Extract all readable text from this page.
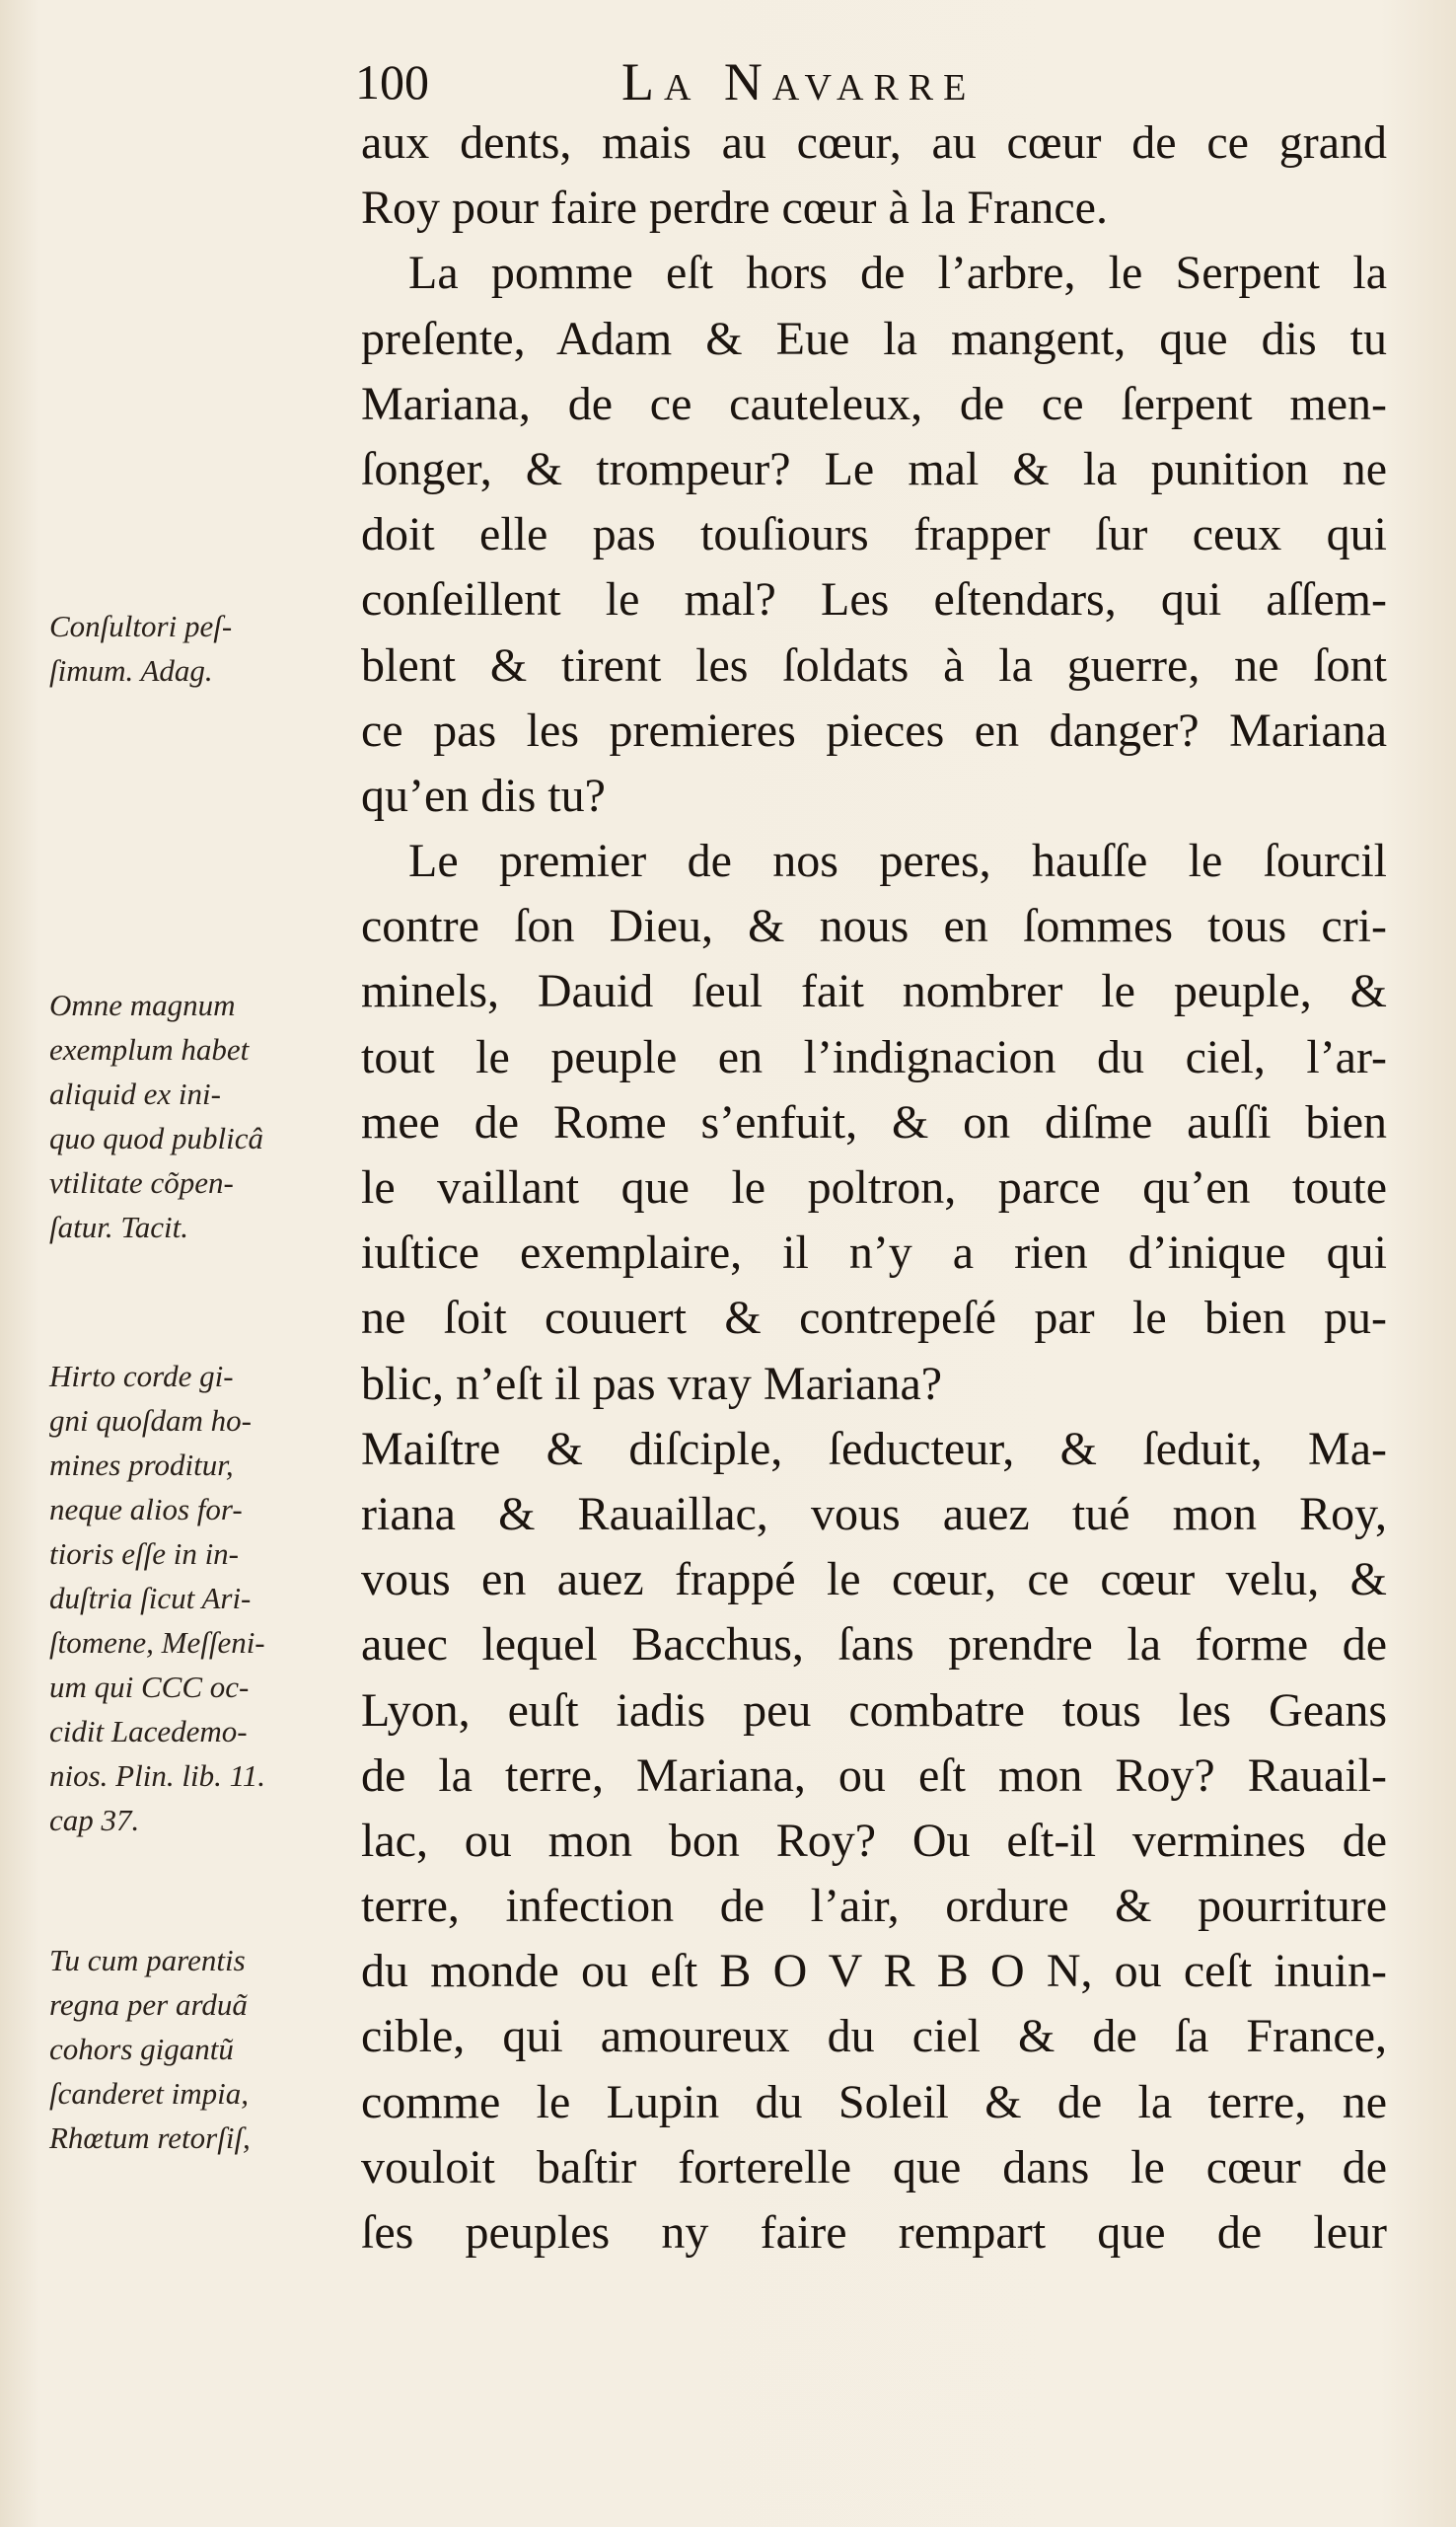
100	La Navarre
aux dents, mais au cœur, au cœur de ce grand
Roy pour faire perdre cœur à la France.
La pomme eſt hors de l’arbre, le Serpent la
preſente, Adam & Eue la mangent, que dis tu
Mariana, de ce cauteleux, de ce ſerpent men-
ſonger, & trompeur? Le mal & la punition ne
doit elle pas touſiours frapper ſur ceux qui
conſeillent le mal? Les eſtendars, qui aſſem-
blent & tirent les ſoldats à la guerre, ne ſont
ce pas les premieres pieces en danger? Mariana
qu’en dis tu?
Le premier de nos peres, hauſſe le ſourcil
contre ſon Dieu, & nous en ſommes tous cri-
minels, Dauid ſeul fait nombrer le peuple, &
tout le peuple en l’indignacion du ciel, l’ar-
mee de Rome s’enfuit, & on diſme auſſi bien
le vaillant que le poltron, parce qu’en toute
iuſtice exemplaire, il n’y a rien d’inique qui
ne ſoit couuert & contrepeſé par le bien pu-
blic, n’eſt il pas vray Mariana?
Maiſtre & diſciple, ſeducteur, & ſeduit, Ma-
riana & Rauaillac, vous auez tué mon Roy,
vous en auez frappé le cœur, ce cœur velu, &
auec lequel Bacchus, ſans prendre la forme de
Lyon, euſt iadis peu combatre tous les Geans
de la terre, Mariana, ou eſt mon Roy? Rauail-
lac, ou mon bon Roy? Ou eſt-il vermines de
terre, infection de l’air, ordure & pourriture
du monde ou eſt B O V R B O N, ou ceſt inuin-
cible, qui amoureux du ciel & de ſa France,
comme le Lupin du Soleil & de la terre, ne
vouloit baſtir forterelle que dans le cœur de
ſes peuples ny faire rempart que de leur
Conſultori peſ-
ſimum. Adag.
Omne magnum
exemplum habet
aliquid ex ini-
quo quod publicâ
vtilitate cõpen-
ſatur. Tacit.
Hirto corde gi-
gni quoſdam ho-
mines proditur,
neque alios for-
tioris eſſe in in-
duſtria ſicut Ari-
ſtomene, Meſſeni-
um qui CCC oc-
cidit Lacedemo-
nios. Plin. lib. 11.
cap 37.
Tu cum parentis
regna per arduã
cohors gigantũ
ſcanderet impia,
Rhœtum retorſiſ,
